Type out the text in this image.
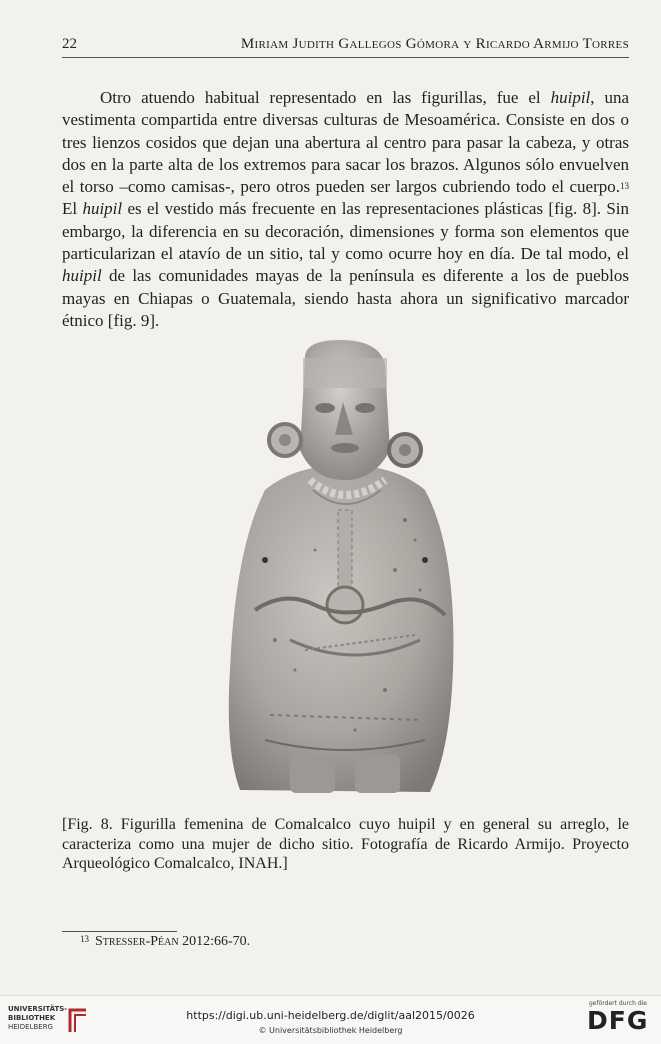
22	Miriam Judith Gallegos Gómora y Ricardo Armijo Torres

Otro atuendo habitual representado en las figurillas, fue el huipil, una vestimenta compartida entre diversas culturas de Mesoamérica. Consiste en dos o tres lienzos cosidos que dejan una abertura al centro para pasar la cabeza, y otras dos en la parte alta de los extremos para sacar los brazos. Algunos sólo envuelven el torso –como camisas-, pero otros pueden ser largos cubriendo todo el cuerpo.$^{13}$ El huipil es el vestido más frecuente en las representaciones plásticas [fig. 8]. Sin embargo, la diferencia en su decoración, dimensiones y forma son elementos que particularizan el atavío de un sitio, tal y como ocurre hoy en día. De tal modo, el huipil de las comunidades mayas de la península es diferente a los de pueblos mayas en Chiapas o Guatemala, siendo hasta ahora un significativo marcador étnico [fig. 9].

[Fig. 8. Figurilla femenina de Comalcalco cuyo huipil y en general su arreglo, le caracteriza como una mujer de dicho sitio. Fotografía de Ricardo Armijo. Proyecto Arqueológico Comalcalco, INAH.]
$^{13}$ Stresser-Péan 2012:66-70.
UNIVERSITÄTS-
BIBLIOTHEK
HEIDELBERG
https://digi.ub.uni-heidelberg.de/diglit/aal2015/0026
© Universitätsbibliothek Heidelberg
gefördert durch die
DFG
